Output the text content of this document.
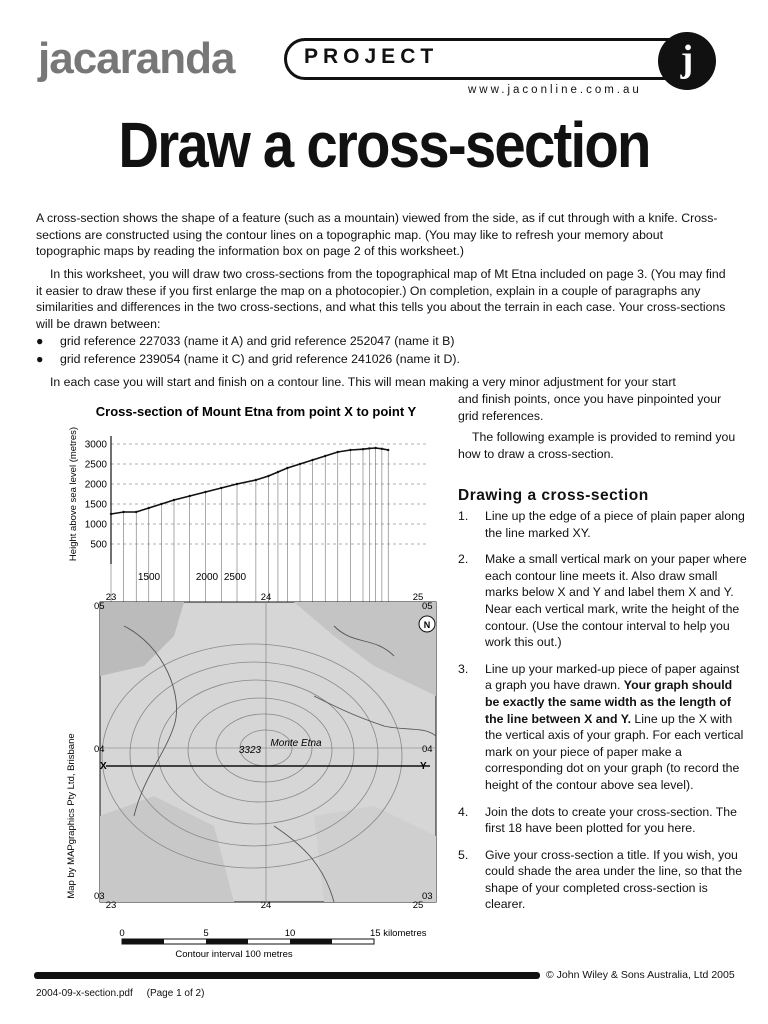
jacaranda	PROJECT	j
www.jaconline.com.au
Draw a cross-section
A cross-section shows the shape of a feature (such as a mountain) viewed from the side, as if cut through with a knife. Cross-sections are constructed using the contour lines on a topographic map. (You may like to refresh your memory about topographic maps by reading the information box on page 2 of this worksheet.)
In this worksheet, you will draw two cross-sections from the topographical map of Mt Etna included on page 3. (You may find it easier to draw these if you first enlarge the map on a photocopier.) On completion, explain in a couple of paragraphs any similarities and differences in the two cross-sections, and what this tells you about the terrain in each case. Your cross-sections will be drawn between:
● grid reference 227033 (name it A) and grid reference 252047 (name it B)
● grid reference 239054 (name it C) and grid reference 241026 (name it D).
In each case you will start and finish on a contour line. This will mean making a very minor adjustment for your start
and finish points, once you have pinpointed your grid references.
The following example is provided to remind you how to draw a cross-section.
Drawing a cross-section
1. Line up the edge of a piece of plain paper along the line marked XY.
2. Make a small vertical mark on your paper where each contour line meets it. Also draw small marks below X and Y and label them X and Y. Near each vertical mark, write the height of the contour. (Use the contour interval to help you work this out.)
3. Line up your marked-up piece of paper against a graph you have drawn. Your graph should be exactly the same width as the length of the line between X and Y. Line up the X with the vertical axis of your graph. For each vertical mark on your piece of paper make a corresponding dot on your graph (to record the height of the contour above sea level).
4. Join the dots to create your cross-section. The first 18 have been plotted for you here.
5. Give your cross-section a title. If you wish, you could shade the area under the line, so that the shape of your completed cross-section is clearer.
Cross-section of Mount Etna from point X to point Y
Height above sea level (metres) 500
1000
1500
2000
2500
3000
1500	2000 2500
N
3323
Monte Etna
X	Y
23	24	25
23	24	25
05
04
03
05
04
03
Map by MAPgraphics Pty Ltd, Brisbane
0	5	10	15 kilometres
Contour interval 100 metres
© John Wiley & Sons Australia, Ltd 2005
2004-09-x-section.pdf     (Page 1 of 2)
